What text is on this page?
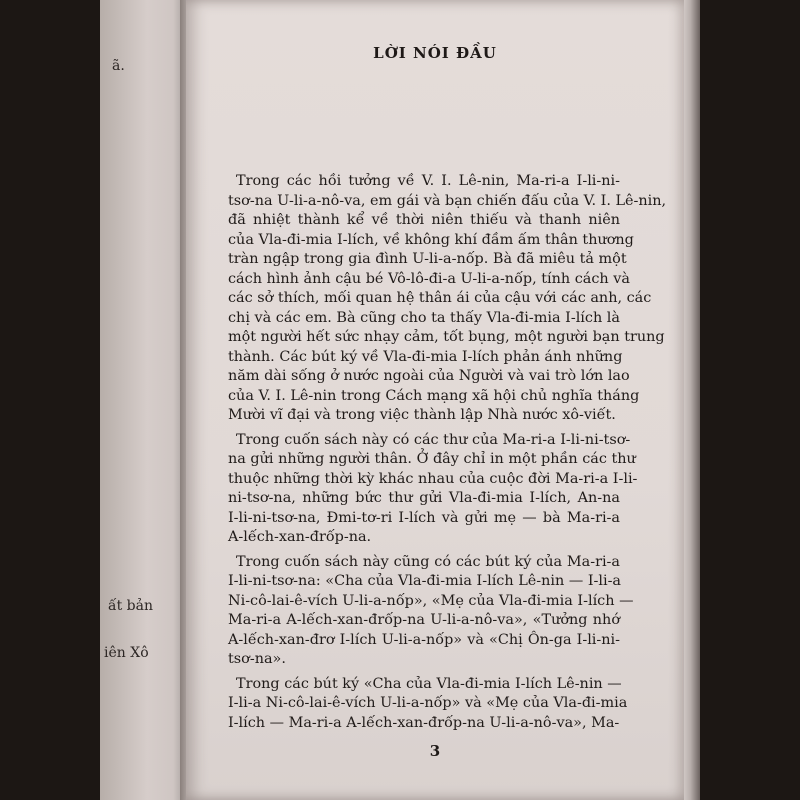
ã.

ất bản

iên Xô

LỜI NÓI ĐẦU
Trong các hồi tưởng về V. I. Lê-nin, Ma-ri-a I-li-ni-
tsơ-na U-li-a-nô-va, em gái và bạn chiến đấu của V. I. Lê-nin,
đã nhiệt thành kể về thời niên thiếu và thanh niên
của Vla-đi-mia I-lích, về không khí đầm ấm thân thương
tràn ngập trong gia đình U-li-a-nốp. Bà đã miêu tả một
cách hình ảnh cậu bé Vô-lô-đi-a U-li-a-nốp, tính cách và
các sở thích, mối quan hệ thân ái của cậu với các anh, các
chị và các em. Bà cũng cho ta thấy Vla-đi-mia I-lích là
một người hết sức nhạy cảm, tốt bụng, một người bạn trung
thành. Các bút ký về Vla-đi-mia I-lích phản ánh những
năm dài sống ở nước ngoài của Người và vai trò lớn lao
của V. I. Lê-nin trong Cách mạng xã hội chủ nghĩa tháng
Mười vĩ đại và trong việc thành lập Nhà nước xô-viết.
Trong cuốn sách này có các thư của Ma-ri-a I-li-ni-tsơ-
na gửi những người thân. Ở đây chỉ in một phần các thư
thuộc những thời kỳ khác nhau của cuộc đời Ma-ri-a I-li-
ni-tsơ-na, những bức thư gửi Vla-đi-mia I-lích, An-na
I-li-ni-tsơ-na, Đmi-tơ-ri I-lích và gửi mẹ — bà Ma-ri-a
A-lếch-xan-đrốp-na.
Trong cuốn sách này cũng có các bút ký của Ma-ri-a
I-li-ni-tsơ-na: «Cha của Vla-đi-mia I-lích Lê-nin — I-li-a
Ni-cô-lai-ê-vích U-li-a-nốp», «Mẹ của Vla-đi-mia I-lích —
Ma-ri-a A-lếch-xan-đrốp-na U-li-a-nô-va», «Tưởng nhớ
A-lếch-xan-đrơ I-lích U-li-a-nốp» và «Chị Ôn-ga I-li-ni-
tsơ-na».
Trong các bút ký «Cha của Vla-đi-mia I-lích Lê-nin —
I-li-a Ni-cô-lai-ê-vích U-li-a-nốp» và «Mẹ của Vla-đi-mia
I-lích — Ma-ri-a A-lếch-xan-đrốp-na U-li-a-nô-va», Ma-
3
